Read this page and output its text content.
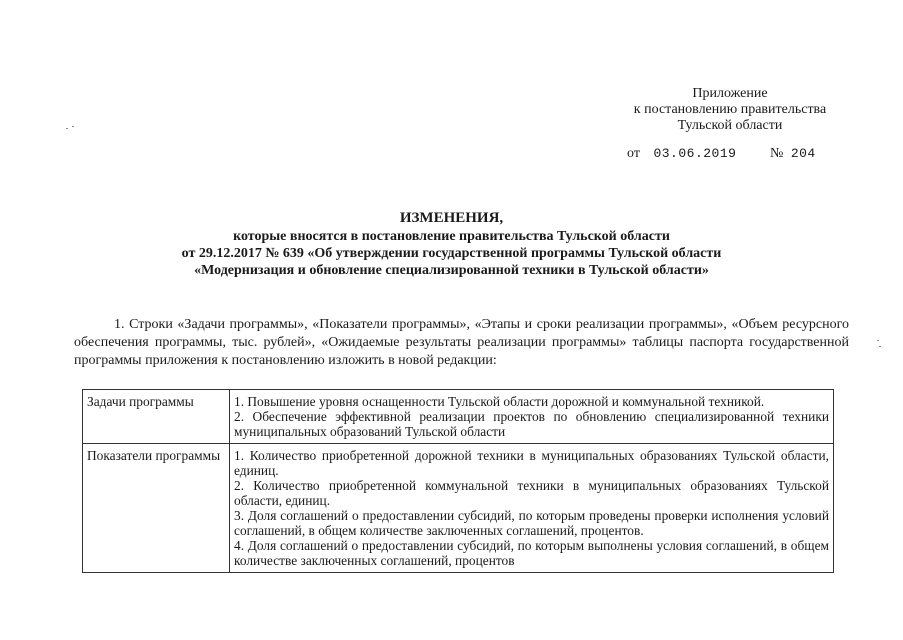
Приложение
к постановлению правительства
Тульской области
от 03.06.2019 № 204
ИЗМЕНЕНИЯ,
которые вносятся в постановление правительства Тульской области
от 29.12.2017 № 639 «Об утверждении государственной программы Тульской области
«Модернизация и обновление специализированной техники в Тульской области»
1. Строки «Задачи программы», «Показатели программы», «Этапы и сроки реализации программы», «Объем ресурсного обеспечения программы, тыс. рублей», «Ожидаемые результаты реализации программы» таблицы паспорта государственной программы приложения к постановлению изложить в новой редакции:
Задачи программы	1. Повышение уровня оснащенности Тульской области дорожной и коммунальной техникой.
2. Обеспечение эффективной реализации проектов по обновлению специализированной техники муниципальных образований Тульской области

Показатели программы	1. Количество приобретенной дорожной техники в муниципальных образованиях Тульской области, единиц.
2. Количество приобретенной коммунальной техники в муниципальных образованиях Тульской области, единиц.
3. Доля соглашений о предоставлении субсидий, по которым проведены проверки исполнения условий соглашений, в общем количестве заключенных соглашений, процентов.
4. Доля соглашений о предоставлении субсидий, по которым выполнены условия соглашений, в общем количестве заключенных соглашений, процентов
